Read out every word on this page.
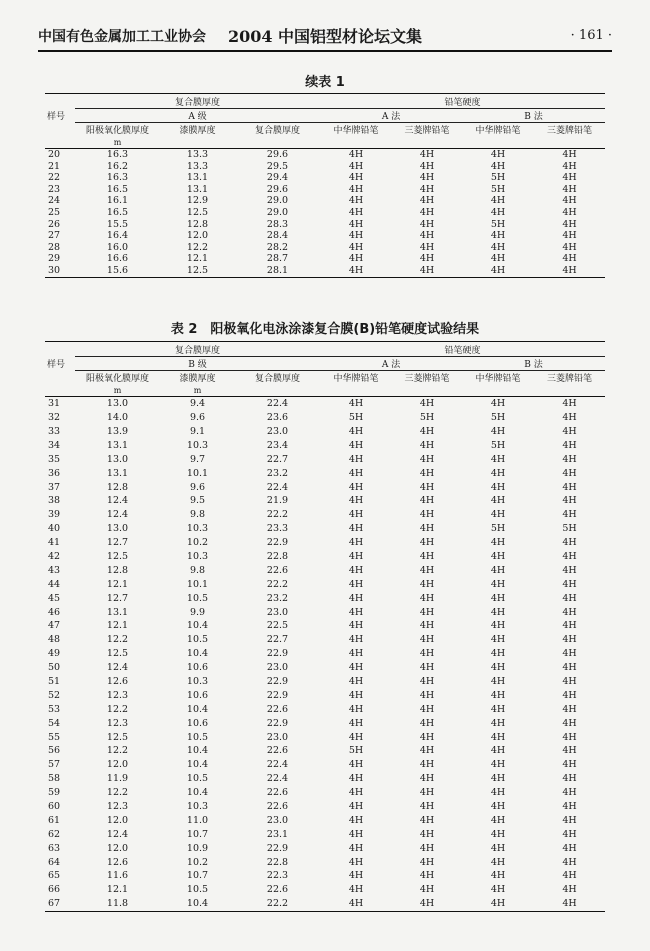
中国有色金属加工工业协会	2004 中国铝型材论坛文集	· 161 ·
续表 1
样号	复合膜厚度			铅笔硬度			
	A 级			A 法		B 法	
	阳极氧化膜厚度	漆膜厚度	复合膜厚度	中华牌铅笔	三菱牌铅笔	中华牌铅笔	三菱牌铅笔
	m						
20	16.3	13.3	29.6	4H	4H	4H	4H
21	16.2	13.3	29.5	4H	4H	4H	4H
22	16.3	13.1	29.4	4H	4H	5H	4H
23	16.5	13.1	29.6	4H	4H	5H	4H
24	16.1	12.9	29.0	4H	4H	4H	4H
25	16.5	12.5	29.0	4H	4H	4H	4H
26	15.5	12.8	28.3	4H	4H	5H	4H
27	16.4	12.0	28.4	4H	4H	4H	4H
28	16.0	12.2	28.2	4H	4H	4H	4H
29	16.6	12.1	28.7	4H	4H	4H	4H
30	15.6	12.5	28.1	4H	4H	4H	4H
表 2　阳极氧化电泳涂漆复合膜(B)铅笔硬度试验结果
样号	复合膜厚度			铅笔硬度			
	B 级			A 法		B 法	
	阳极氧化膜厚度	漆膜厚度	复合膜厚度	中华牌铅笔	三菱牌铅笔	中华牌铅笔	三菱牌铅笔
	m	m					
31	13.0	9.4	22.4	4H	4H	4H	4H
32	14.0	9.6	23.6	5H	5H	5H	4H
33	13.9	9.1	23.0	4H	4H	4H	4H
34	13.1	10.3	23.4	4H	4H	5H	4H
35	13.0	9.7	22.7	4H	4H	4H	4H
36	13.1	10.1	23.2	4H	4H	4H	4H
37	12.8	9.6	22.4	4H	4H	4H	4H
38	12.4	9.5	21.9	4H	4H	4H	4H
39	12.4	9.8	22.2	4H	4H	4H	4H
40	13.0	10.3	23.3	4H	4H	5H	5H
41	12.7	10.2	22.9	4H	4H	4H	4H
42	12.5	10.3	22.8	4H	4H	4H	4H
43	12.8	9.8	22.6	4H	4H	4H	4H
44	12.1	10.1	22.2	4H	4H	4H	4H
45	12.7	10.5	23.2	4H	4H	4H	4H
46	13.1	9.9	23.0	4H	4H	4H	4H
47	12.1	10.4	22.5	4H	4H	4H	4H
48	12.2	10.5	22.7	4H	4H	4H	4H
49	12.5	10.4	22.9	4H	4H	4H	4H
50	12.4	10.6	23.0	4H	4H	4H	4H
51	12.6	10.3	22.9	4H	4H	4H	4H
52	12.3	10.6	22.9	4H	4H	4H	4H
53	12.2	10.4	22.6	4H	4H	4H	4H
54	12.3	10.6	22.9	4H	4H	4H	4H
55	12.5	10.5	23.0	4H	4H	4H	4H
56	12.2	10.4	22.6	5H	4H	4H	4H
57	12.0	10.4	22.4	4H	4H	4H	4H
58	11.9	10.5	22.4	4H	4H	4H	4H
59	12.2	10.4	22.6	4H	4H	4H	4H
60	12.3	10.3	22.6	4H	4H	4H	4H
61	12.0	11.0	23.0	4H	4H	4H	4H
62	12.4	10.7	23.1	4H	4H	4H	4H
63	12.0	10.9	22.9	4H	4H	4H	4H
64	12.6	10.2	22.8	4H	4H	4H	4H
65	11.6	10.7	22.3	4H	4H	4H	4H
66	12.1	10.5	22.6	4H	4H	4H	4H
67	11.8	10.4	22.2	4H	4H	4H	4H
